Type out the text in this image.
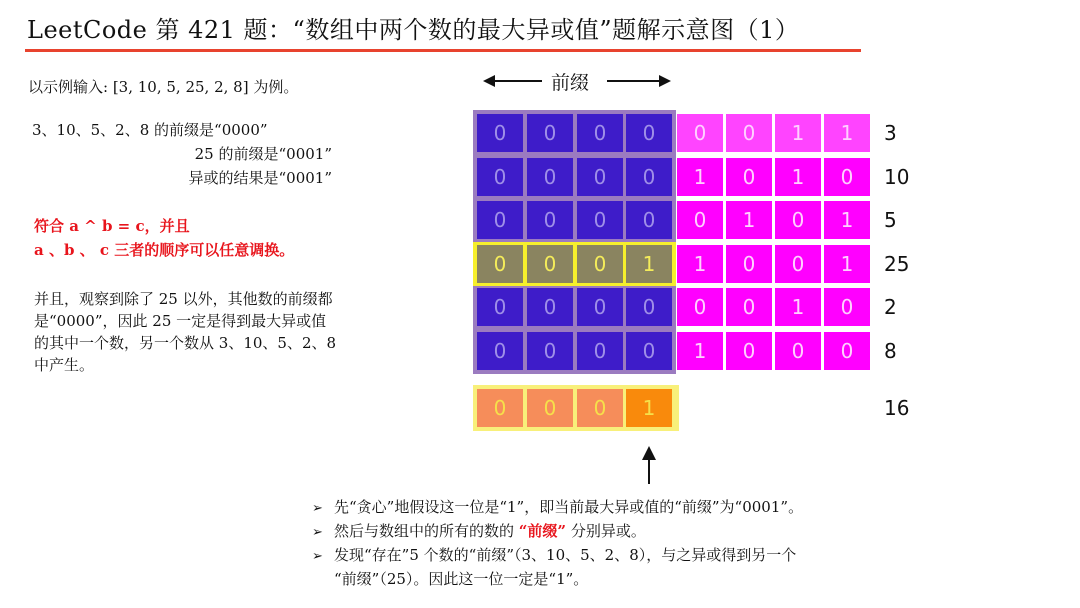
LeetCode 第 421 题：“数组中两个数的最大异或值”题解示意图（1）
以示例输入: [3, 10, 5, 25, 2, 8] 为例。	前缀
3、10、5、2、8 的前缀是“0000”
25 的前缀是“0001”
异或的结果是“0001”
符合 a ^ b = c，并且
a 、b 、 c 三者的顺序可以任意调换。
并且，观察到除了 25 以外，其他数的前缀都
是“0000”，因此 25 一定是得到最大异或值
的其中一个数，另一个数从 3、10、5、2、8
中产生。
0	0	0	0	0	0	1	1	3
0	0	0	0	1	0	1	0	10
0	0	0	0	0	1	0	1	5
0	0	0	1	1	0	0	1	25
0	0	0	0	0	0	1	0	2
0	0	0	0	1	0	0	0	8
0	0	0	1	16
➢ 先“贪心”地假设这一位是“1”，即当前最大异或值的“前缀”为“0001”。
➢ 然后与数组中的所有的数的 “前缀” 分别异或。
➢ 发现“存在”5 个数的“前缀”（3、10、5、2、8），与之异或得到另一个
“前缀”（25）。因此这一位一定是“1”。
